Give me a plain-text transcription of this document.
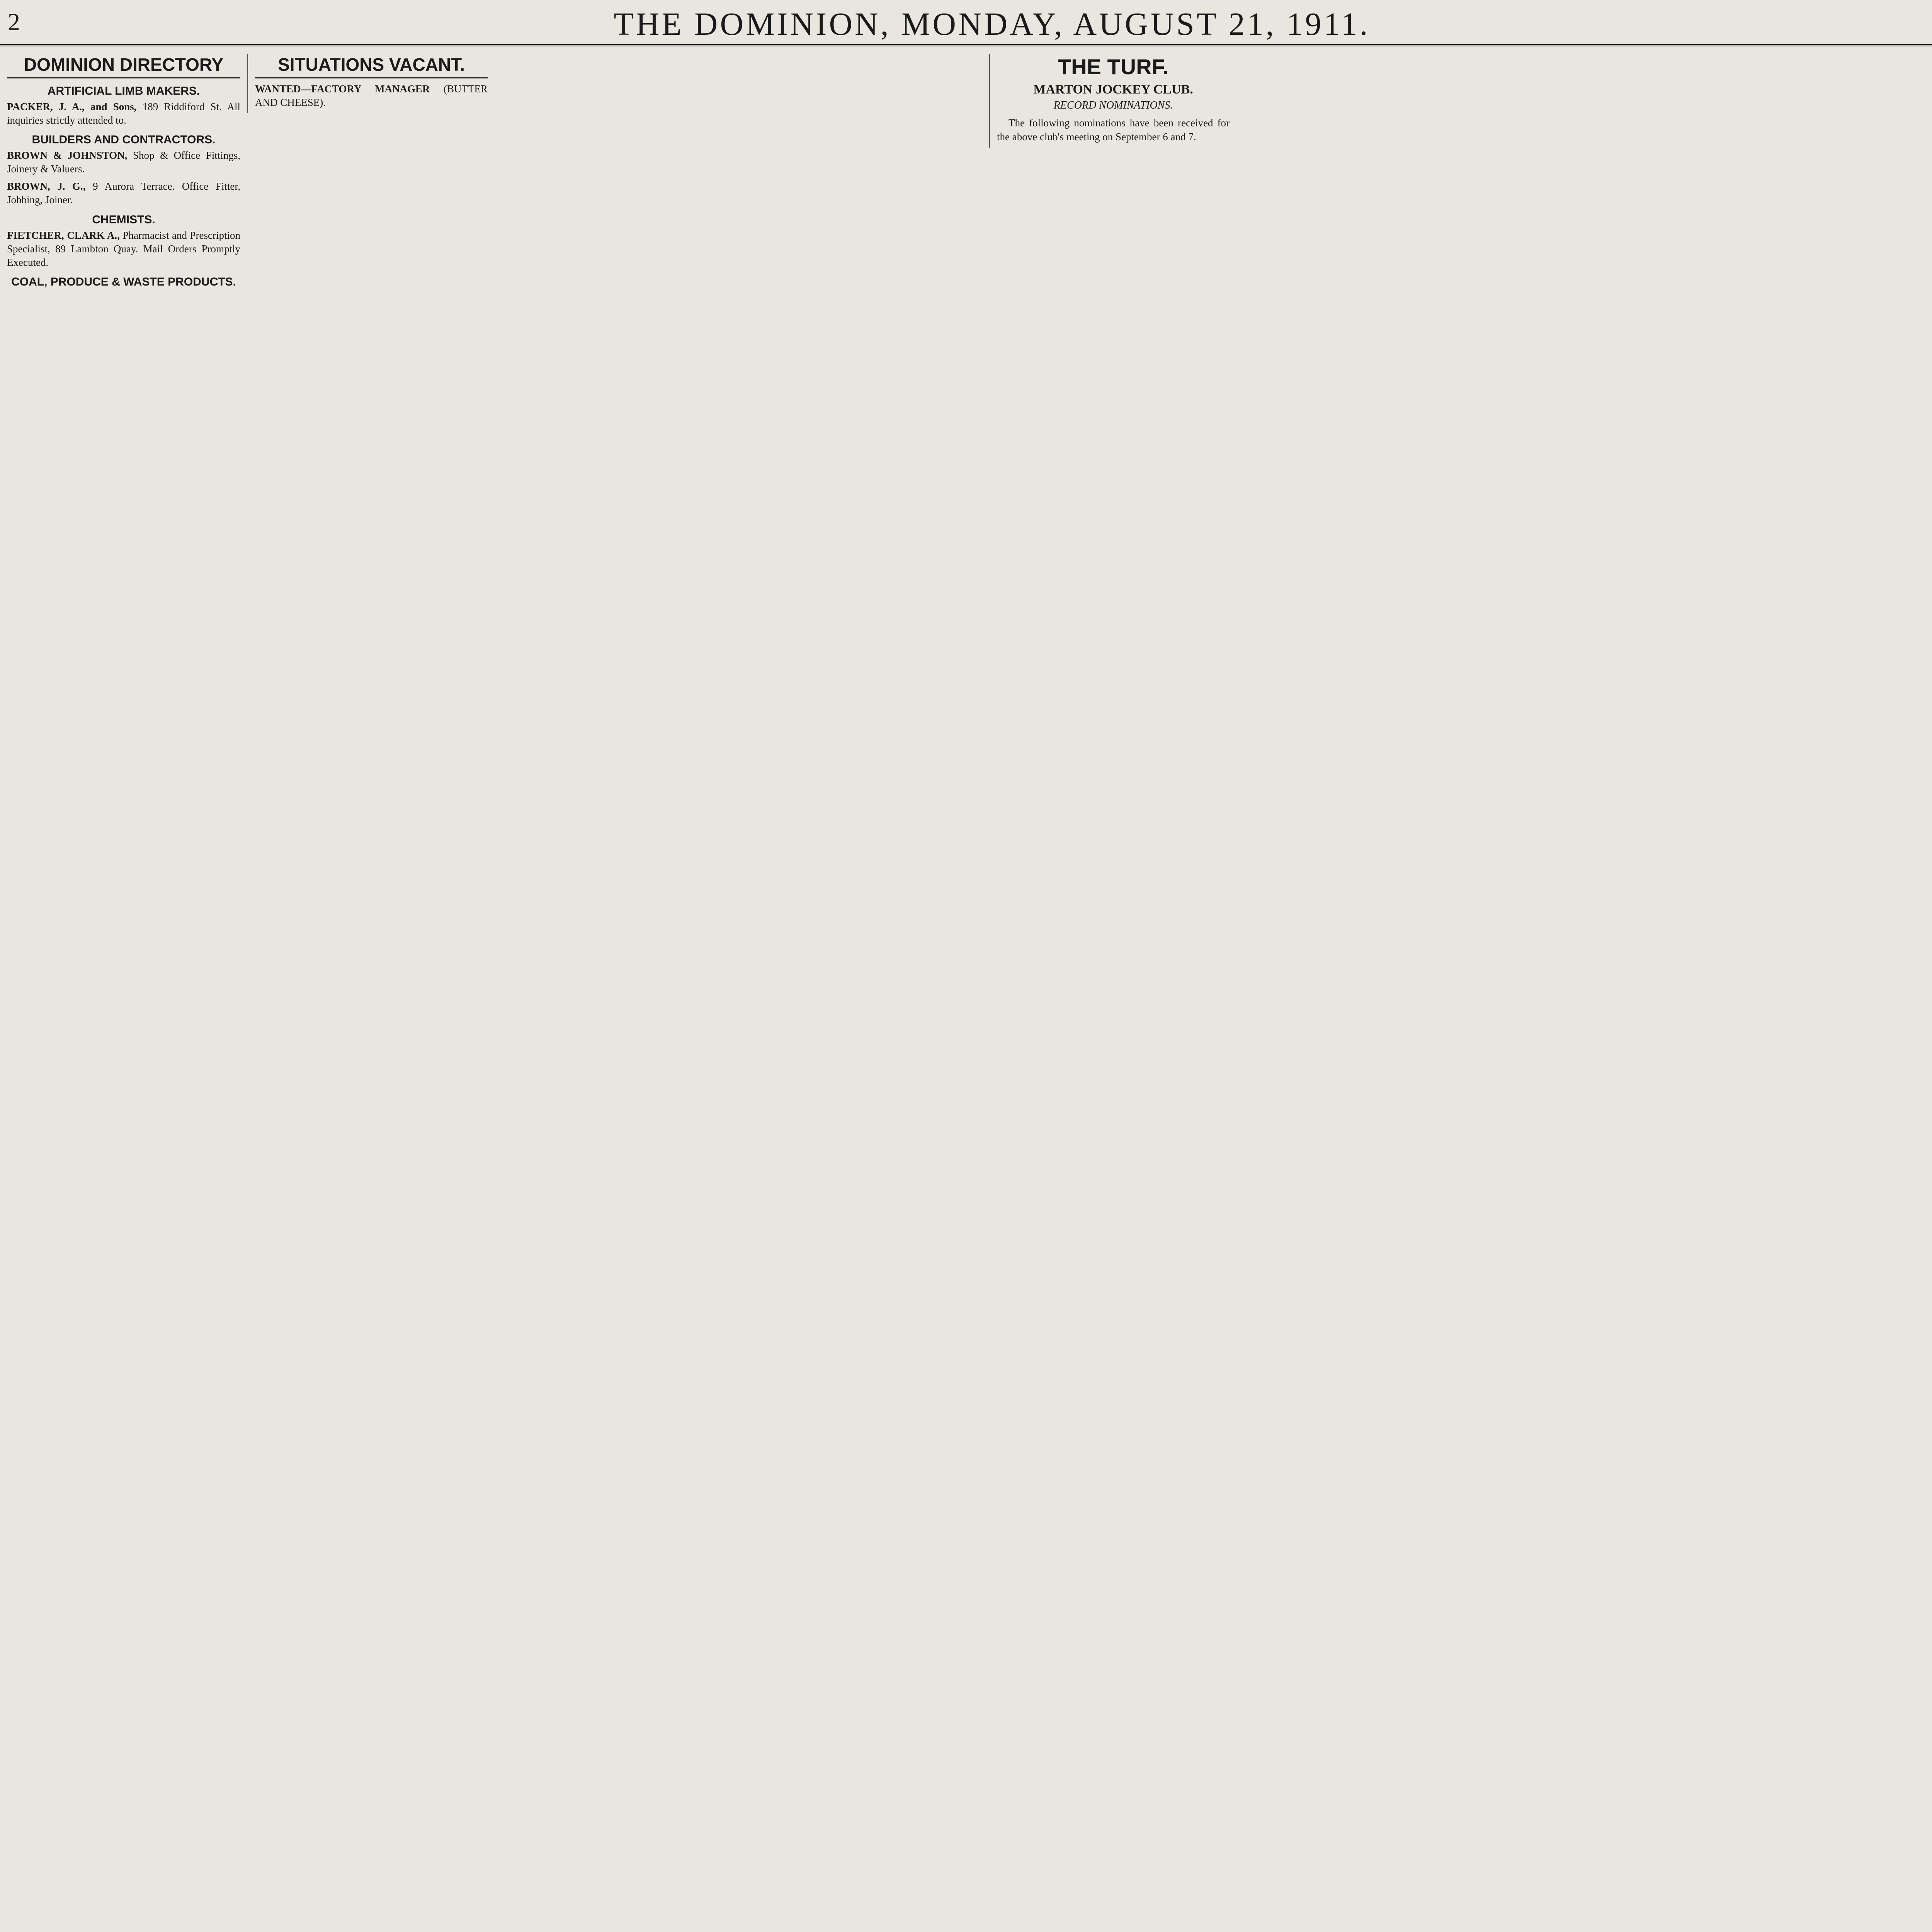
2	THE DOMINION, MONDAY, AUGUST 21, 1911.
DOMINION DIRECTORY
ARTIFICIAL LIMB MAKERS.
PACKER, J. A., and Sons, 189 Riddiford St. All inquiries strictly attended to.
BUILDERS AND CONTRACTORS.
BROWN & JOHNSTON, Shop & Office Fittings, Joinery & Valuers.
BROWN, J. G., 9 Aurora Terrace. Office Fitter, Jobbing, Joiner.
CHEMISTS.
FIETCHER, CLARK A., Pharmacist and Prescription Specialist, 89 Lambton Quay. Mail Orders Promptly Executed.
COAL, PRODUCE & WASTE PRODUCTS.
SITUATIONS VACANT.
WANTED—FACTORY MANAGER (BUTTER AND CHEESE).
THE TURF.
MARTON JOCKEY CLUB.
RECORD NOMINATIONS.

The following nominations have been received for the above club's meeting on September 6 and 7.
